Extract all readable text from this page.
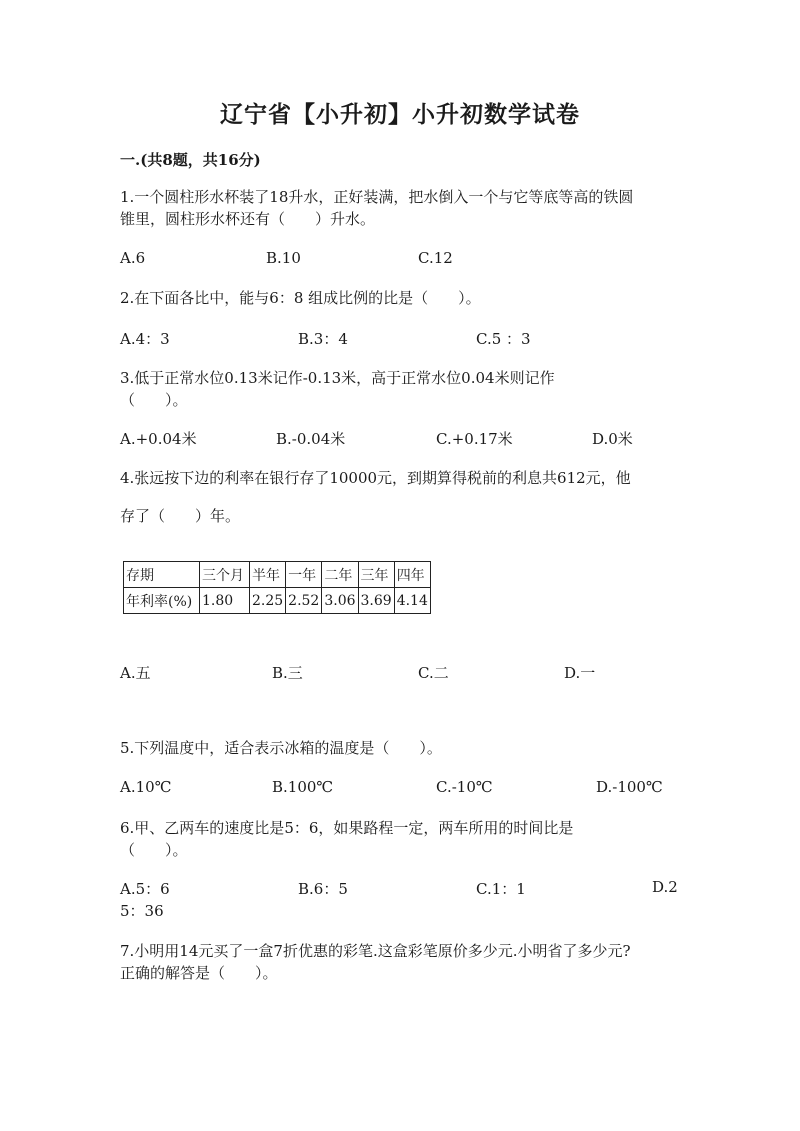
辽宁省【小升初】小升初数学试卷
一.(共8题，共16分)
1.一个圆柱形水杯装了18升水，正好装满，把水倒入一个与它等底等高的铁圆
锥里，圆柱形水杯还有（　　）升水。
A.6	B.10	C.12
2.在下面各比中，能与6：8 组成比例的比是（　　）。
A.4：3	B.3：4	C.5 ：3
3.低于正常水位0.13米记作-0.13米，高于正常水位0.04米则记作
（　　）。
A.+0.04米	B.-0.04米	C.+0.17米	D.0米
4.张远按下边的利率在银行存了10000元，到期算得税前的利息共612元，他
存了（　　）年。
存期	三个月	半年	一年	二年	三年	四年
年利率(%)	1.80	2.25	2.52	3.06	3.69	4.14
A.五	B.三	C.二	D.一
5.下列温度中，适合表示冰箱的温度是（　　）。
A.10℃	B.100℃	C.-10℃	D.-100℃
6.甲、乙两车的速度比是5：6，如果路程一定，两车所用的时间比是
（　　）。
A.5：6	B.6：5	C.1：1	D.2
5：36
7.小明用14元买了一盒7折优惠的彩笔.这盒彩笔原价多少元.小明省了多少元?
正确的解答是（　　）。
